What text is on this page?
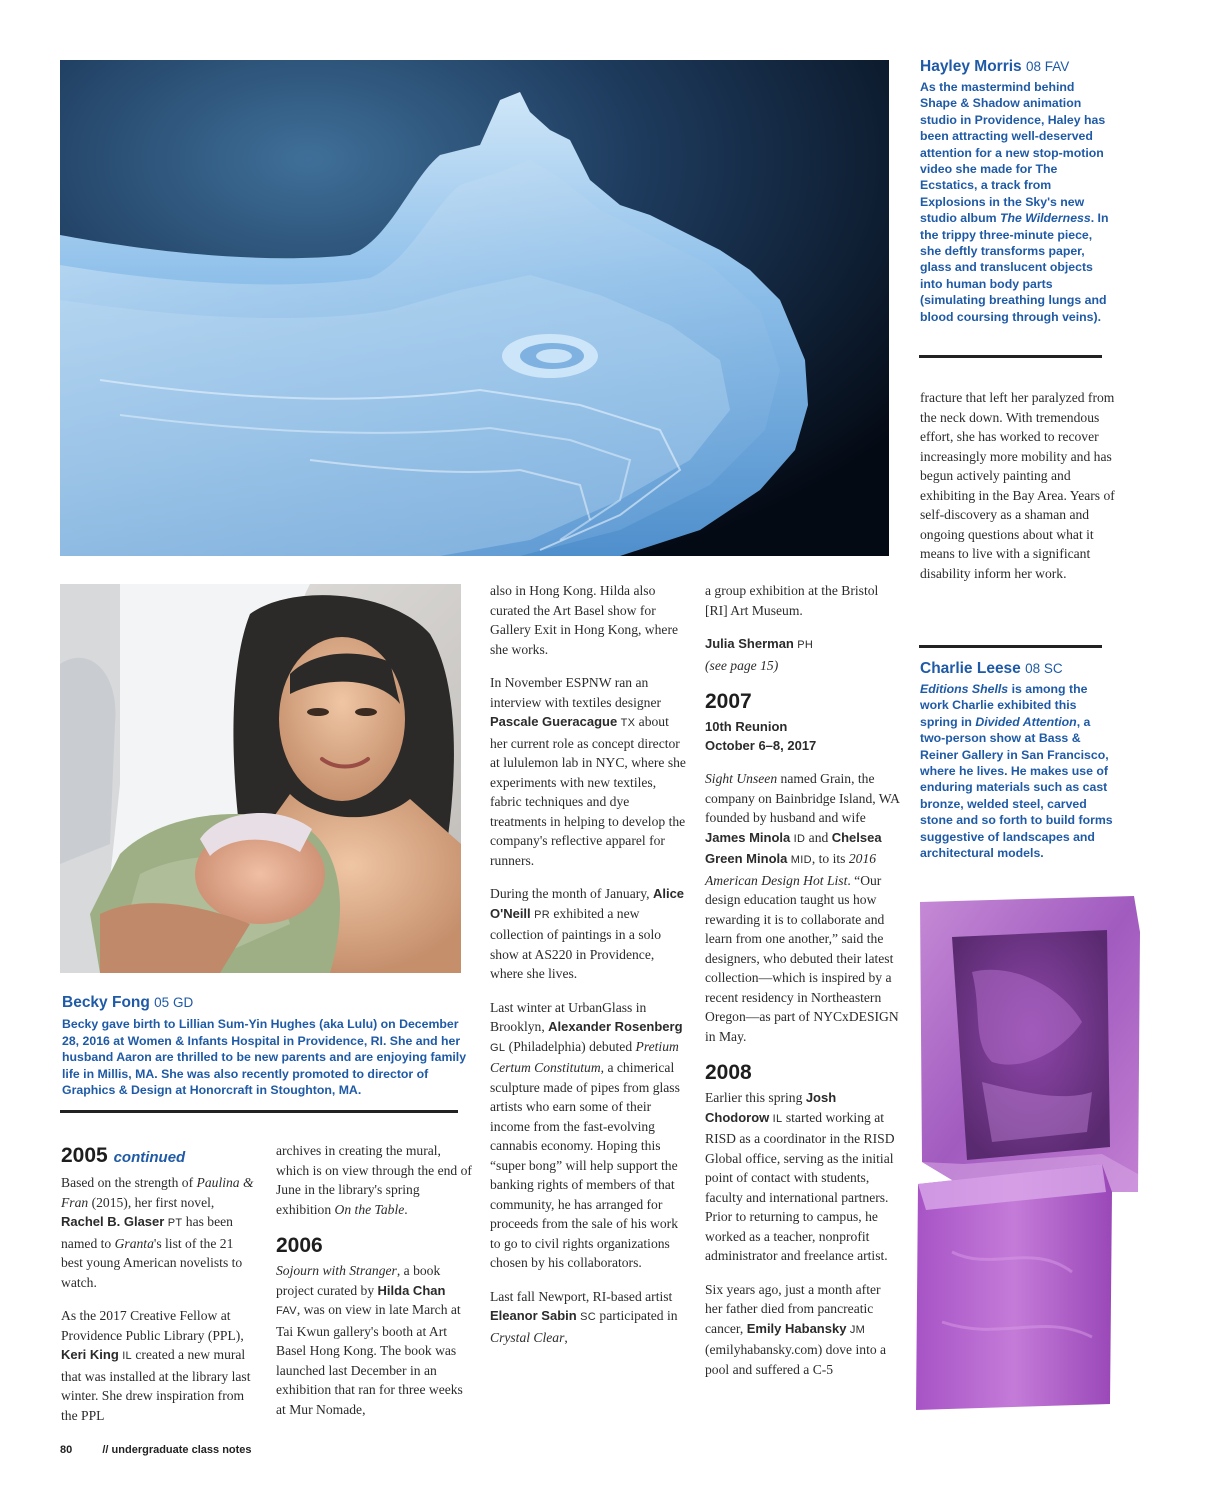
Hayley Morris 08 FAV
As the mastermind behind Shape & Shadow animation studio in Providence, Haley has been attracting well-deserved attention for a new stop-motion video she made for The Ecstatics, a track from Explosions in the Sky's new studio album The Wilderness. In the trippy three-minute piece, she deftly transforms paper, glass and translucent objects into human body parts (simulating breathing lungs and blood coursing through veins).

fracture that left her paralyzed from the neck down. With tremendous effort, she has worked to recover increasingly more mobility and has begun actively painting and exhibiting in the Bay Area. Years of self-discovery as a shaman and ongoing questions about what it means to live with a significant disability inform her work.

Charlie Leese 08 SC
Editions Shells is among the work Charlie exhibited this spring in Divided Attention, a two-person show at Bass & Reiner Gallery in San Francisco, where he lives. He makes use of enduring materials such as cast bronze, welded steel, carved stone and so forth to build forms suggestive of landscapes and architectural models.
Becky Fong 05 GD
Becky gave birth to Lillian Sum-Yin Hughes (aka Lulu) on December 28, 2016 at Women & Infants Hospital in Providence, RI. She and her husband Aaron are thrilled to be new parents and are enjoying family life in Millis, MA. She was also recently promoted to director of Graphics & Design at Honorcraft in Stoughton, MA.
2005 continued

Based on the strength of Paulina & Fran (2015), her first novel, Rachel B. Glaser PT has been named to Granta's list of the 21 best young American novelists to watch.

As the 2017 Creative Fellow at Providence Public Library (PPL), Keri King IL created a new mural that was installed at the library last winter. She drew inspiration from the PPL

archives in creating the mural, which is on view through the end of June in the library's spring exhibition On the Table.

2006

Sojourn with Stranger, a book project curated by Hilda Chan FAV, was on view in late March at Tai Kwun gallery's booth at Art Basel Hong Kong. The book was launched last December in an exhibition that ran for three weeks at Mur Nomade,

also in Hong Kong. Hilda also curated the Art Basel show for Gallery Exit in Hong Kong, where she works.

In November ESPNW ran an interview with textiles designer Pascale Gueracague TX about her current role as concept director at lululemon lab in NYC, where she experiments with new textiles, fabric techniques and dye treatments in helping to develop the company's reflective apparel for runners.

During the month of January, Alice O'Neill PR exhibited a new collection of paintings in a solo show at AS220 in Providence, where she lives.

Last winter at UrbanGlass in Brooklyn, Alexander Rosenberg GL (Philadelphia) debuted Pretium Certum Constitutum, a chimerical sculpture made of pipes from glass artists who earn some of their income from the fast-evolving cannabis economy. Hoping this “super bong” will help support the banking rights of members of that community, he has arranged for proceeds from the sale of his work to go to civil rights organizations chosen by his collaborators.

Last fall Newport, RI-based artist Eleanor Sabin SC participated in Crystal Clear,

a group exhibition at the Bristol [RI] Art Museum.

Julia Sherman PH
(see page 15)

2007
10th Reunion
October 6–8, 2017

Sight Unseen named Grain, the company on Bainbridge Island, WA founded by husband and wife James Minola ID and Chelsea Green Minola MID, to its 2016 American Design Hot List. “Our design education taught us how rewarding it is to collaborate and learn from one another,” said the designers, who debuted their latest collection—which is inspired by a recent residency in Northeastern Oregon—as part of NYCxDESIGN in May.

2008

Earlier this spring Josh Chodorow IL started working at RISD as a coordinator in the RISD Global office, serving as the initial point of contact with students, faculty and international partners. Prior to returning to campus, he worked as a teacher, nonprofit administrator and freelance artist.

Six years ago, just a month after her father died from pancreatic cancer, Emily Habansky JM (emilyhabansky.com) dove into a pool and suffered a C-5

80	// undergraduate class notes
